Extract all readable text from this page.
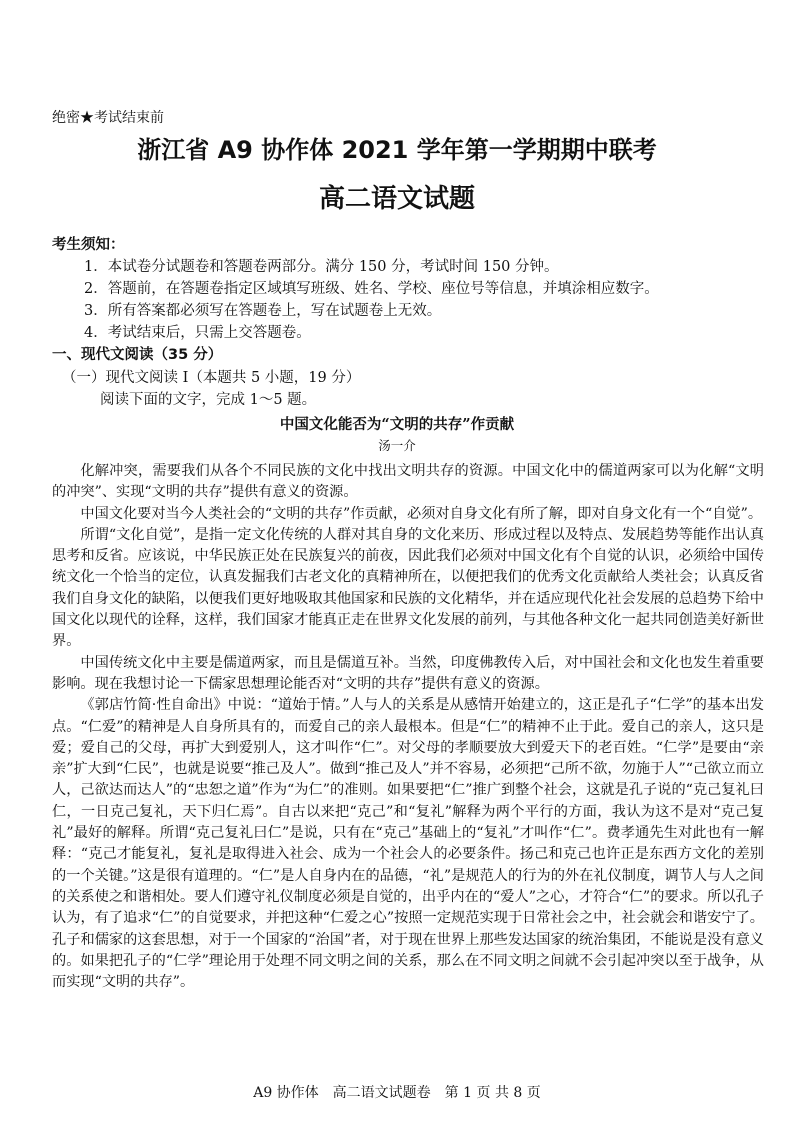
绝密★考试结束前
浙江省 A9 协作体 2021 学年第一学期期中联考
高二语文试题
考生须知：
1．本试卷分试题卷和答题卷两部分。满分 150 分，考试时间 150 分钟。
2．答题前，在答题卷指定区域填写班级、姓名、学校、座位号等信息，并填涂相应数字。
3．所有答案都必须写在答题卷上，写在试题卷上无效。
4．考试结束后，只需上交答题卷。
一、现代文阅读（35 分）
（一）现代文阅读 I（本题共 5 小题，19 分）
阅读下面的文字，完成 1～5 题。
中国文化能否为“文明的共存”作贡献
汤一介

化解冲突，需要我们从各个不同民族的文化中找出文明共存的资源。中国文化中的儒道两家可以为化解“文明的冲突”、实现“文明的共存”提供有意义的资源。

中国文化要对当今人类社会的“文明的共存”作贡献，必须对自身文化有所了解，即对自身文化有一个“自觉”。

所谓“文化自觉”，是指一定文化传统的人群对其自身的文化来历、形成过程以及特点、发展趋势等能作出认真思考和反省。应该说，中华民族正处在民族复兴的前夜，因此我们必须对中国文化有个自觉的认识，必须给中国传统文化一个恰当的定位，认真发掘我们古老文化的真精神所在，以便把我们的优秀文化贡献给人类社会；认真反省我们自身文化的缺陷，以便我们更好地吸取其他国家和民族的文化精华，并在适应现代化社会发展的总趋势下给中国文化以现代的诠释，这样，我们国家才能真正走在世界文化发展的前列，与其他各种文化一起共同创造美好新世界。

中国传统文化中主要是儒道两家，而且是儒道互补。当然，印度佛教传入后，对中国社会和文化也发生着重要影响。现在我想讨论一下儒家思想理论能否对“文明的共存”提供有意义的资源。

《郭店竹简·性自命出》中说：“道始于情。”人与人的关系是从感情开始建立的，这正是孔子“仁学”的基本出发点。“仁爱”的精神是人自身所具有的，而爱自己的亲人最根本。但是“仁”的精神不止于此。爱自己的亲人，这只是爱；爱自己的父母，再扩大到爱别人，这才叫作“仁”。对父母的孝顺要放大到爱天下的老百姓。“仁学”是要由“亲亲”扩大到“仁民”，也就是说要“推己及人”。做到“推己及人”并不容易，必须把“己所不欲，勿施于人”“己欲立而立人，己欲达而达人”的“忠恕之道”作为“为仁”的准则。如果要把“仁”推广到整个社会，这就是孔子说的“克己复礼曰仁，一日克己复礼，天下归仁焉”。自古以来把“克己”和“复礼”解释为两个平行的方面，我认为这不是对“克己复礼”最好的解释。所谓“克己复礼曰仁”是说，只有在“克己”基础上的“复礼”才叫作“仁”。费孝通先生对此也有一解释：“克己才能复礼，复礼是取得进入社会、成为一个社会人的必要条件。扬己和克己也许正是东西方文化的差别的一个关键。”这是很有道理的。“仁”是人自身内在的品德，“礼”是规范人的行为的外在礼仪制度，调节人与人之间的关系使之和谐相处。要人们遵守礼仪制度必须是自觉的，出乎内在的“爱人”之心，才符合“仁”的要求。所以孔子认为，有了追求“仁”的自觉要求，并把这种“仁爱之心”按照一定规范实现于日常社会之中，社会就会和谐安宁了。孔子和儒家的这套思想，对于一个国家的“治国”者，对于现在世界上那些发达国家的统治集团，不能说是没有意义的。如果把孔子的“仁学”理论用于处理不同文明之间的关系，那么在不同文明之间就不会引起冲突以至于战争，从而实现“文明的共存”。

A9 协作体　高二语文试题卷　第 1 页 共 8 页
